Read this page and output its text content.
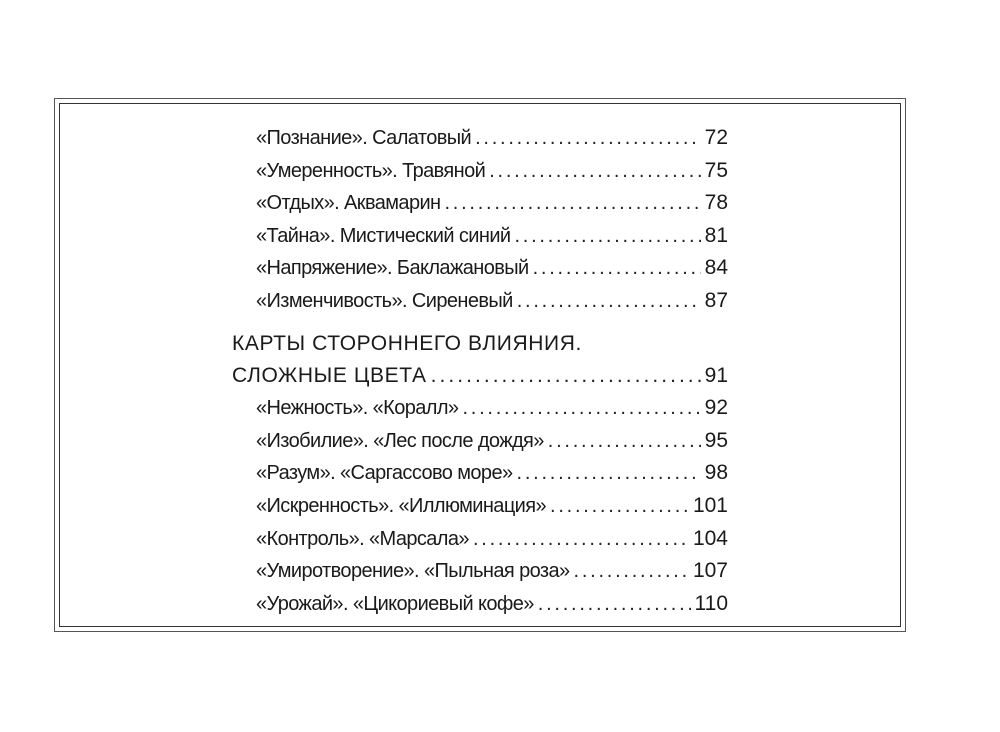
«Познание». Салатовый . . .	72
«Умеренность». Травяной . . .	75
«Отдых». Аквамарин . . .	78
«Тайна». Мистический синий . . .	81
«Напряжение». Баклажановый . . .	84
«Изменчивость». Сиреневый . . .	87
КАРТЫ СТОРОННЕГО ВЛИЯНИЯ.
СЛОЖНЫЕ ЦВЕТА . . .	91
«Нежность». «Коралл» . . .	92
«Изобилие». «Лес после дождя» . . .	95
«Разум». «Саргассово море» . . .	98
«Искренность». «Иллюминация» . . .	101
«Контроль». «Марсала» . . .	104
«Умиротворение». «Пыльная роза» . . .	107
«Урожай». «Цикориевый кофе» . . .	110
